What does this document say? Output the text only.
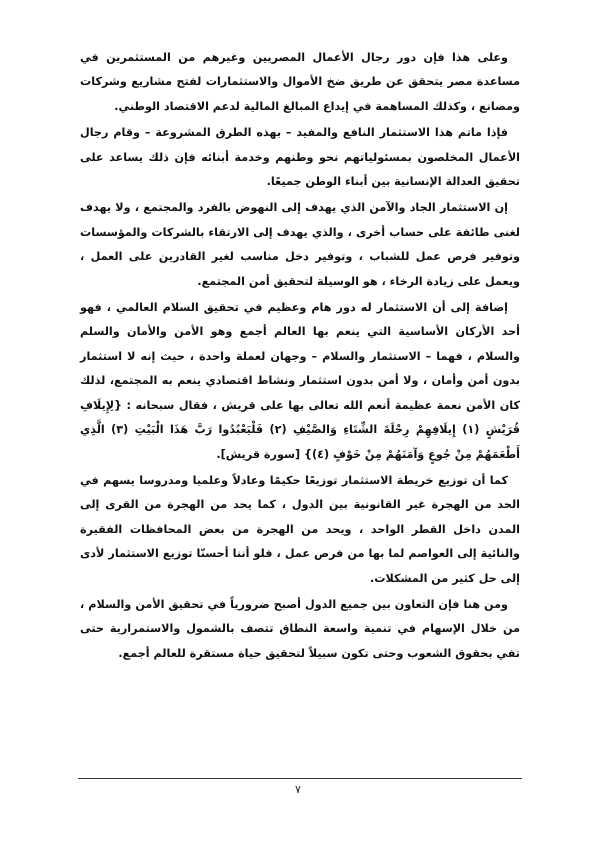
وعلى هذا فإن دور رجال الأعمال المصريين وغيرهم من المستثمرين في مساعدة مصر يتحقق عن طريق ضخ الأموال والاستثمارات لفتح مشاريع وشركات ومصانع ، وكذلك المساهمة في إيداع المبالغ المالية لدعم الاقتصاد الوطني.

فإذا ماتم هذا الاستثمار النافع والمفيد – بهذه الطرق المشروعة – وقام رجال الأعمال المخلصون بمسئولياتهم نحو وطنهم وخدمة أبنائه فإن ذلك يساعد على تحقيق العدالة الإنسانية بين أبناء الوطن جميعًا.

إن الاستثمار الجاد والآمن الذي يهدف إلى النهوض بالفرد والمجتمع ، ولا يهدف لغنى طائفة على حساب أخرى ، والذي يهدف إلى الارتقاء بالشركات والمؤسسات وتوفير فرص عمل للشباب ، وتوفير دخل مناسب لغير القادرين على العمل ، ويعمل على زيادة الرخاء ، هو الوسيلة لتحقيق أمن المجتمع.

إضافة إلى أن الاستثمار له دور هام وعظيم في تحقيق السلام العالمي ، فهو أحد الأركان الأساسية التي ينعم بها العالم أجمع وهو الأمن والأمان والسلم والسلام ، فهما – الاستثمار والسلام – وجهان لعملة واحدة ، حيث إنه لا استثمار بدون أمن وأمان ، ولا أمن بدون استثمار ونشاط اقتصادي ينعم به المجتمع، لذلك كان الأمن نعمة عظيمة أنعم الله تعالى بها على قريش ، فقال سبحانه : {لِإِيلَافِ قُرَيْشٍ (١) إِيلَافِهِمْ رِحْلَةَ الشِّتَاءِ وَالصَّيْفِ (٢) فَلْيَعْبُدُوا رَبَّ هَذَا الْبَيْتِ (٣) الَّذِي أَطْعَمَهُمْ مِنْ جُوعٍ وَآمَنَهُمْ مِنْ خَوْفٍ (٤)} [سورة قريش].

كما أن توزيع خريطة الاستثمار توزيعًا حكيمًا وعادلاً وعلميا ومدروسا يسهم في الحد من الهجرة غير القانونية بين الدول ، كما يحد من الهجرة من القرى إلى المدن داخل القطر الواحد ، ويحد من الهجرة من بعض المحافظات الفقيرة والنائية إلى العواصم لما بها من فرص عمل ، فلو أننا أحسنّا توزيع الاستثمار لأدى إلى حل كثير من المشكلات.

ومن هنا فإن التعاون بين جميع الدول أصبح ضرورياً في تحقيق الأمن والسلام ، من خلال الإسهام في تنمية واسعة النطاق تتصف بالشمول والاستمرارية حتى تفي بحقوق الشعوب وحتى تكون سبيلاً لتحقيق حياة مستقرة للعالم أجمع.

٧
